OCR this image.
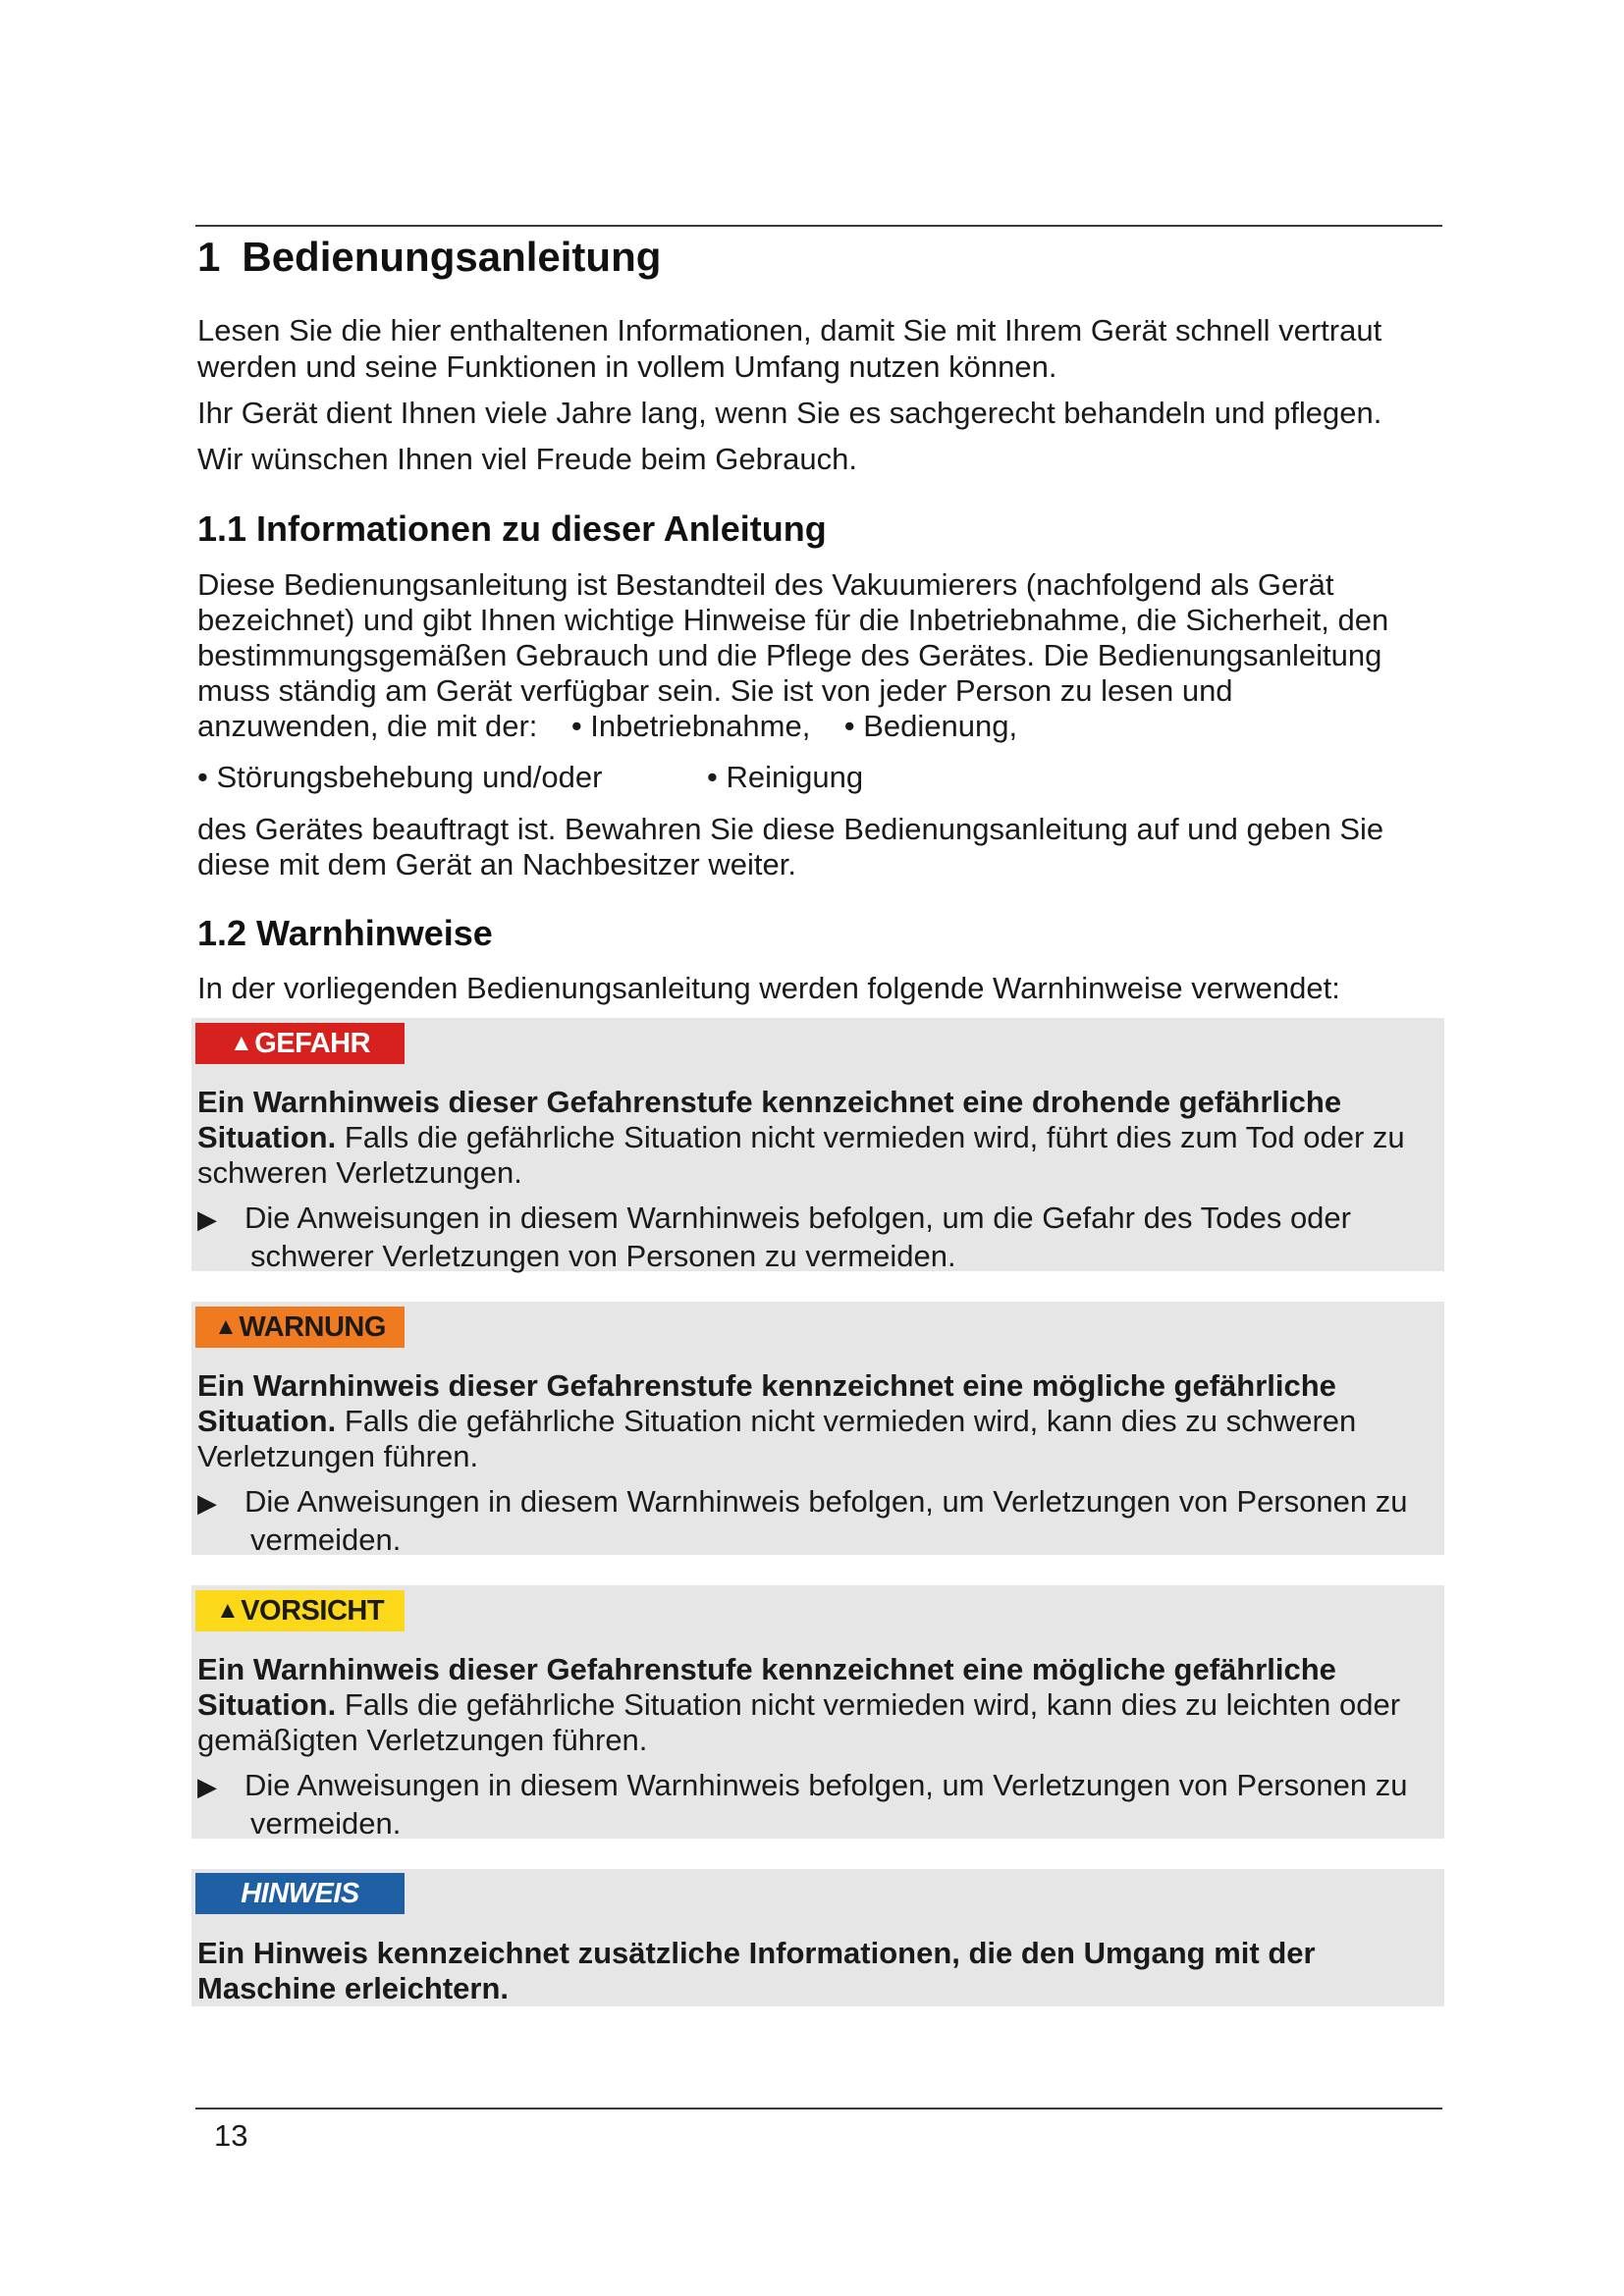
1 Bedienungsanleitung
Lesen Sie die hier enthaltenen Informationen, damit Sie mit Ihrem Gerät schnell vertraut
werden und seine Funktionen in vollem Umfang nutzen können.
Ihr Gerät dient Ihnen viele Jahre lang, wenn Sie es sachgerecht behandeln und pflegen.
Wir wünschen Ihnen viel Freude beim Gebrauch.
1.1 Informationen zu dieser Anleitung
Diese Bedienungsanleitung ist Bestandteil des Vakuumierers (nachfolgend als Gerät
bezeichnet) und gibt Ihnen wichtige Hinweise für die Inbetriebnahme, die Sicherheit, den
bestimmungsgemäßen Gebrauch und die Pflege des Gerätes. Die Bedienungsanleitung
muss ständig am Gerät verfügbar sein. Sie ist von jeder Person zu lesen und
anzuwenden, die mit der:    • Inbetriebnahme,    • Bedienung,
• Störungsbehebung und/oder	• Reinigung
des Gerätes beauftragt ist. Bewahren Sie diese Bedienungsanleitung auf und geben Sie
diese mit dem Gerät an Nachbesitzer weiter.
1.2 Warnhinweise
In der vorliegenden Bedienungsanleitung werden folgende Warnhinweise verwendet:
▲ GEFAHR
Ein Warnhinweis dieser Gefahrenstufe kennzeichnet eine drohende gefährliche
Situation. Falls die gefährliche Situation nicht vermieden wird, führt dies zum Tod oder zu
schweren Verletzungen.
▶ Die Anweisungen in diesem Warnhinweis befolgen, um die Gefahr des Todes oder
schwerer Verletzungen von Personen zu vermeiden.
▲ WARNUNG
Ein Warnhinweis dieser Gefahrenstufe kennzeichnet eine mögliche gefährliche
Situation. Falls die gefährliche Situation nicht vermieden wird, kann dies zu schweren
Verletzungen führen.
▶ Die Anweisungen in diesem Warnhinweis befolgen, um Verletzungen von Personen zu
vermeiden.
▲ VORSICHT
Ein Warnhinweis dieser Gefahrenstufe kennzeichnet eine mögliche gefährliche
Situation. Falls die gefährliche Situation nicht vermieden wird, kann dies zu leichten oder
gemäßigten Verletzungen führen.
▶ Die Anweisungen in diesem Warnhinweis befolgen, um Verletzungen von Personen zu
vermeiden.
HINWEIS
Ein Hinweis kennzeichnet zusätzliche Informationen, die den Umgang mit der
Maschine erleichtern.
13
